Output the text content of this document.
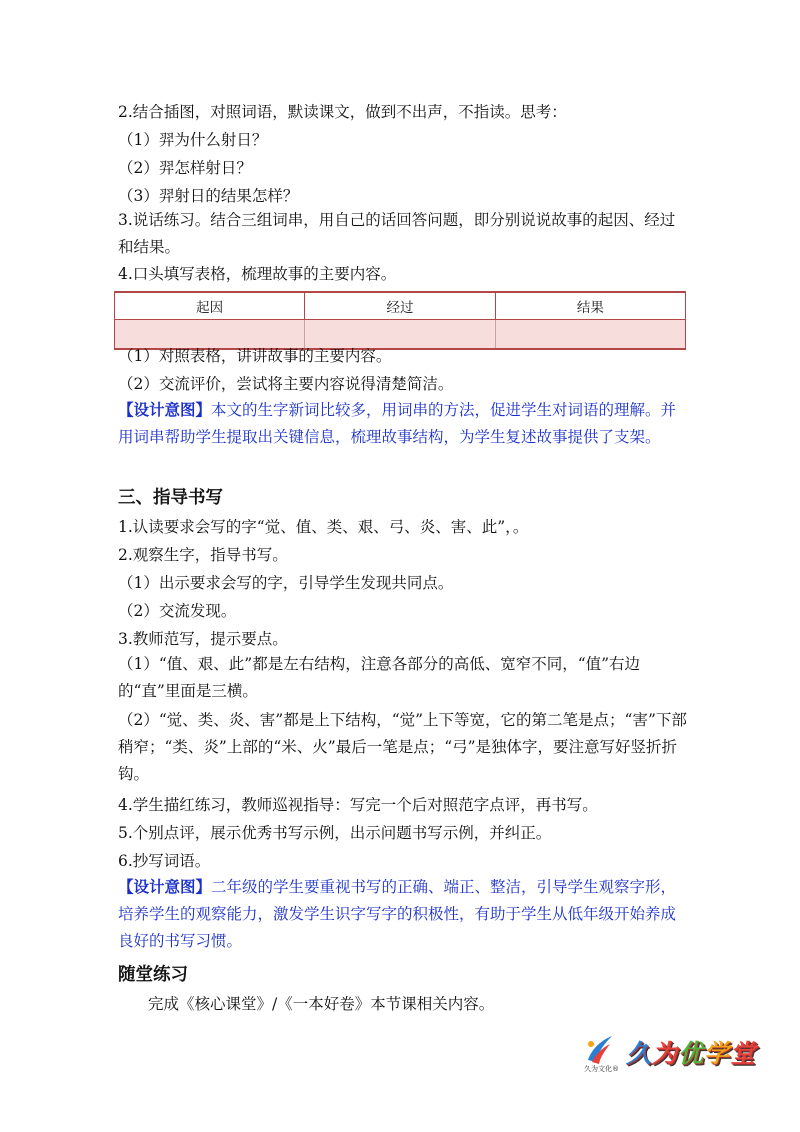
2.结合插图，对照词语，默读课文，做到不出声，不指读。思考：
（1）羿为什么射日？
（2）羿怎样射日？
（3）羿射日的结果怎样？
3.说话练习。结合三组词串，用自己的话回答问题，即分别说说故事的起因、经过和结果。
4.口头填写表格，梳理故事的主要内容。
起因	经过	结果

（1）对照表格，讲讲故事的主要内容。
（2）交流评价，尝试将主要内容说得清楚简洁。
【设计意图】本文的生字新词比较多，用词串的方法，促进学生对词语的理解。并用词串帮助学生提取出关键信息，梳理故事结构，为学生复述故事提供了支架。
三、指导书写
1.认读要求会写的字“觉、值、类、艰、弓、炎、害、此”，。
2.观察生字，指导书写。
（1）出示要求会写的字，引导学生发现共同点。
（2）交流发现。
3.教师范写，提示要点。
（1）“值、艰、此”都是左右结构，注意各部分的高低、宽窄不同，“值”右边的“直”里面是三横。
（2）“觉、类、炎、害”都是上下结构，“觉”上下等宽，它的第二笔是点；“害”下部稍窄；“类、炎”上部的“米、火”最后一笔是点；“弓”是独体字，要注意写好竖折折钩。
4.学生描红练习，教师巡视指导：写完一个后对照范字点评，再书写。
5.个别点评，展示优秀书写示例，出示问题书写示例，并纠正。
6.抄写词语。
【设计意图】二年级的学生要重视书写的正确、端正、整洁，引导学生观察字形，培养学生的观察能力，激发学生识字写字的积极性，有助于学生从低年级开始养成良好的书写习惯。
随堂练习
完成《核心课堂》/《一本好卷》本节课相关内容。
久为文化®
久为优学堂
